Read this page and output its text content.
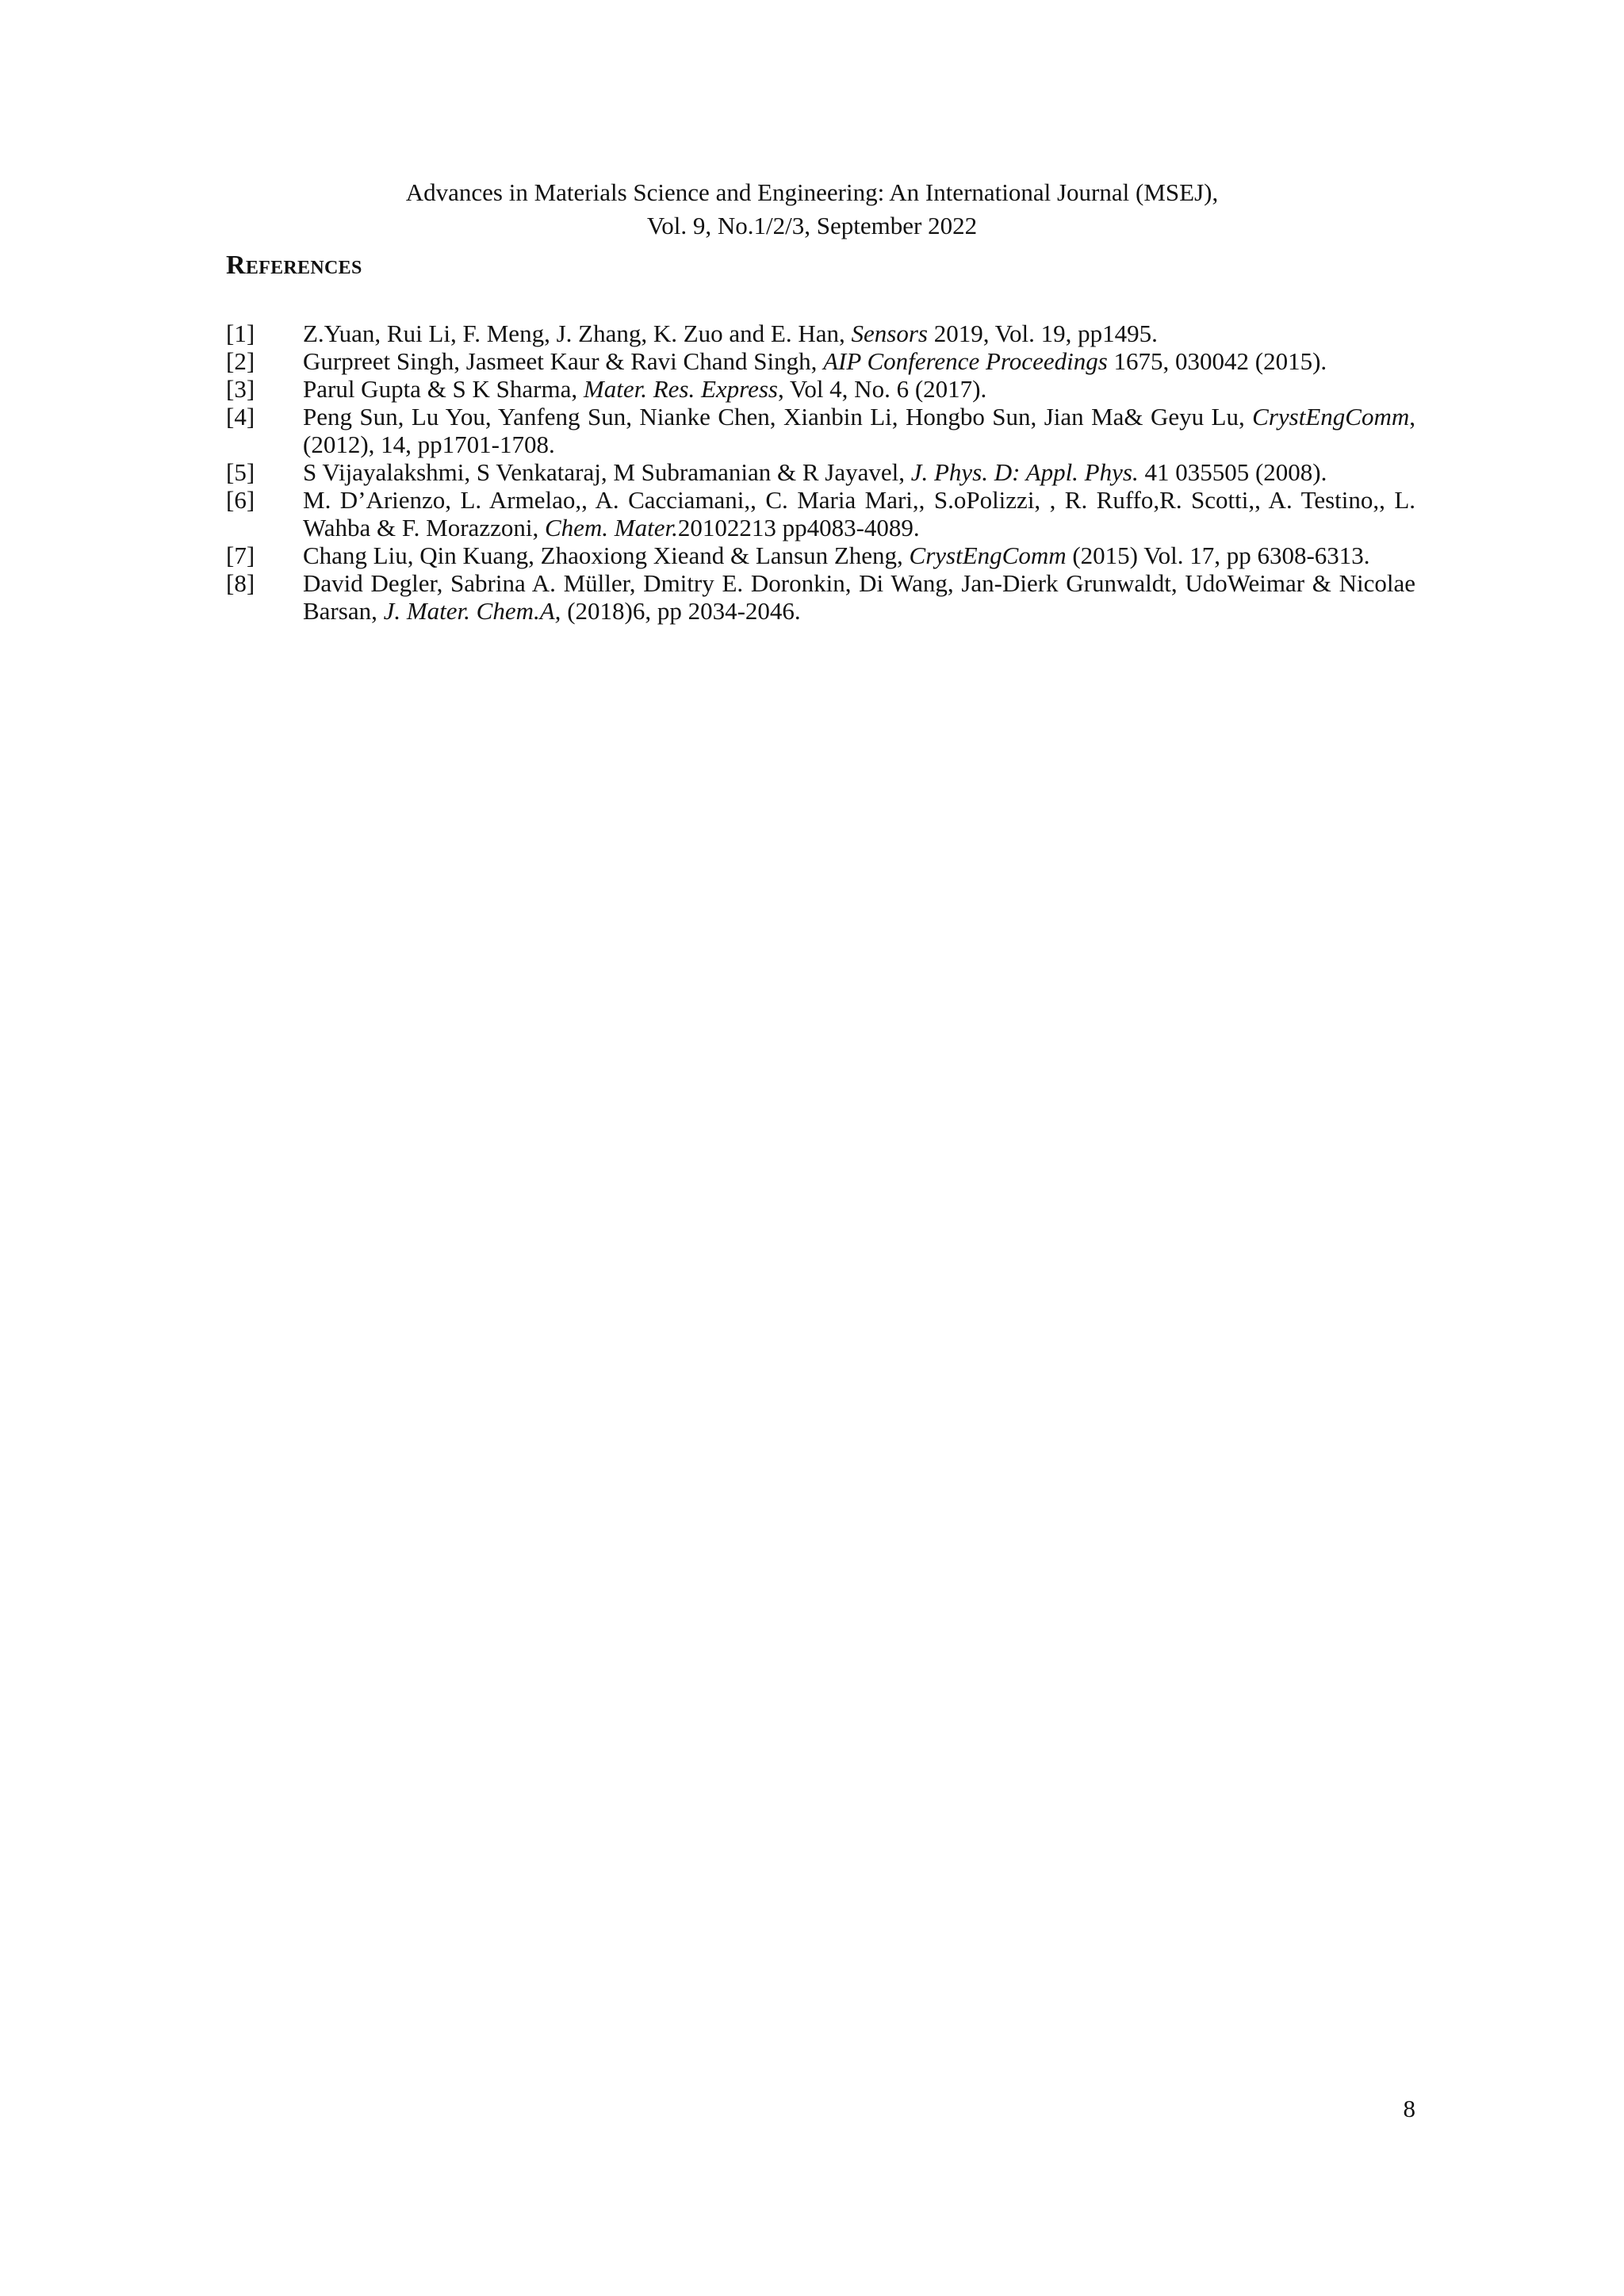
Advances in Materials Science and Engineering: An International Journal (MSEJ),
Vol. 9, No.1/2/3, September 2022
References
[1]	Z.Yuan, Rui Li, F. Meng, J. Zhang, K. Zuo and E. Han, Sensors 2019, Vol. 19, pp1495.
[2]	Gurpreet Singh, Jasmeet Kaur & Ravi Chand Singh, AIP Conference Proceedings 1675, 030042 (2015).
[3]	Parul Gupta & S K Sharma, Mater. Res. Express, Vol 4, No. 6 (2017).
[4]	Peng Sun, Lu You, Yanfeng Sun, Nianke Chen, Xianbin Li, Hongbo Sun, Jian Ma& Geyu Lu, CrystEngComm, (2012), 14, pp1701-1708.
[5]	S Vijayalakshmi, S Venkataraj, M Subramanian & R Jayavel, J. Phys. D: Appl. Phys. 41 035505 (2008).
[6]	M. D’Arienzo, L. Armelao,, A. Cacciamani,, C. Maria Mari,, S.oPolizzi, , R. Ruffo,R. Scotti,, A. Testino,, L. Wahba & F. Morazzoni, Chem. Mater.20102213 pp4083-4089.
[7]	Chang Liu, Qin Kuang, Zhaoxiong Xieand & Lansun Zheng, CrystEngComm (2015) Vol. 17, pp 6308-6313.
[8]	David Degler, Sabrina A. Müller, Dmitry E. Doronkin, Di Wang, Jan-Dierk Grunwaldt, UdoWeimar & Nicolae Barsan, J. Mater. Chem.A, (2018)6, pp 2034-2046.
8
